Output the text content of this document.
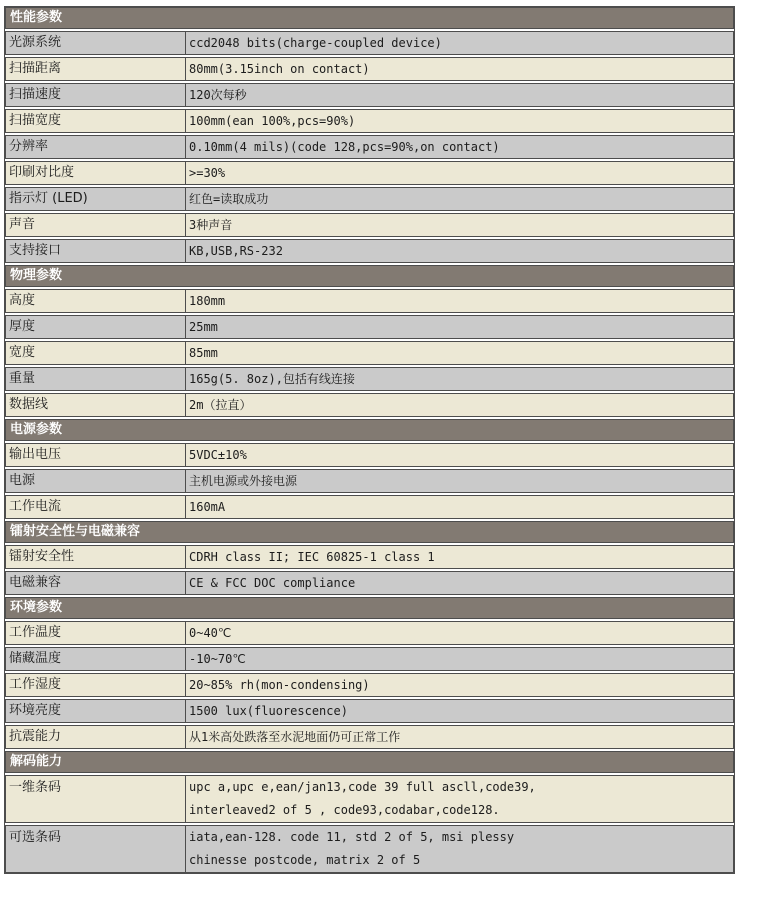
性能参数
光源系统	ccd2048 bits(charge-coupled device)
扫描距离	80mm(3.15inch on contact)
扫描速度	120次每秒
扫描宽度	100mm(ean 100%,pcs=90%)
分辨率	0.10mm(4 mils)(code 128,pcs=90%,on contact)
印刷对比度	>=30%
指示灯 (LED)	红色=读取成功
声音	3种声音
支持接口	KB,USB,RS-232
物理参数
高度	180mm
厚度	25mm
宽度	85mm
重量	165g(5. 8oz),包括有线连接
数据线	2m（拉直）
电源参数
输出电压	5VDC±10%
电源	主机电源或外接电源
工作电流	160mA
镭射安全性与电磁兼容
镭射安全性	CDRH class II; IEC 60825-1 class 1
电磁兼容	CE & FCC DOC compliance
环境参数
工作温度	0~40℃
储藏温度	-10~70℃
工作湿度	20~85% rh(mon-condensing)
环境亮度	1500 lux(fluorescence)
抗震能力	从1米高处跌落至水泥地面仍可正常工作
解码能力
一维条码	upc a,upc e,ean/jan13,code 39 full ascll,code39,
interleaved2 of 5 , code93,codabar,code128.
可选条码	iata,ean-128. code 11, std 2 of 5, msi plessy
chinesse postcode, matrix 2 of 5
